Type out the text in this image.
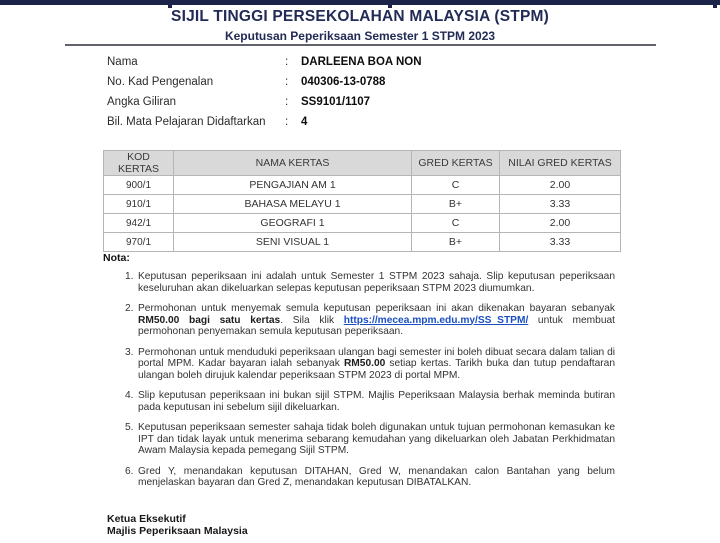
SIJIL TINGGI PERSEKOLAHAN MALAYSIA (STPM)
Keputusan Peperiksaan Semester 1 STPM 2023
Nama	:	DARLEENA BOA NON
No. Kad Pengenalan	:	040306-13-0788
Angka Giliran	:	SS9101/1107
Bil. Mata Pelajaran Didaftarkan	:	4
KOD KERTAS	NAMA KERTAS	GRED KERTAS	NILAI GRED KERTAS
900/1	PENGAJIAN AM 1	C	2.00
910/1	BAHASA MELAYU 1	B+	3.33
942/1	GEOGRAFI 1	C	2.00
970/1	SENI VISUAL 1	B+	3.33
Nota:
1. Keputusan peperiksaan ini adalah untuk Semester 1 STPM 2023 sahaja. Slip keputusan peperiksaan keseluruhan akan dikeluarkan selepas keputusan peperiksaan STPM 2023 diumumkan.
2. Permohonan untuk menyemak semula keputusan peperiksaan ini akan dikenakan bayaran sebanyak RM50.00 bagi satu kertas. Sila klik https://mecea.mpm.edu.my/SS_STPM/ untuk membuat permohonan penyemakan semula keputusan peperiksaan.
3. Permohonan untuk menduduki peperiksaan ulangan bagi semester ini boleh dibuat secara dalam talian di portal MPM. Kadar bayaran ialah sebanyak RM50.00 setiap kertas. Tarikh buka dan tutup pendaftaran ulangan boleh dirujuk kalendar peperiksaan STPM 2023 di portal MPM.
4. Slip keputusan peperiksaan ini bukan sijil STPM. Majlis Peperiksaan Malaysia berhak meminda butiran pada keputusan ini sebelum sijil dikeluarkan.
5. Keputusan peperiksaan semester sahaja tidak boleh digunakan untuk tujuan permohonan kemasukan ke IPT dan tidak layak untuk menerima sebarang kemudahan yang dikeluarkan oleh Jabatan Perkhidmatan Awam Malaysia kepada pemegang Sijil STPM.
6. Gred Y, menandakan keputusan DITAHAN, Gred W, menandakan calon Bantahan yang belum menjelaskan bayaran dan Gred Z, menandakan keputusan DIBATALKAN.
Ketua Eksekutif
Majlis Peperiksaan Malaysia
